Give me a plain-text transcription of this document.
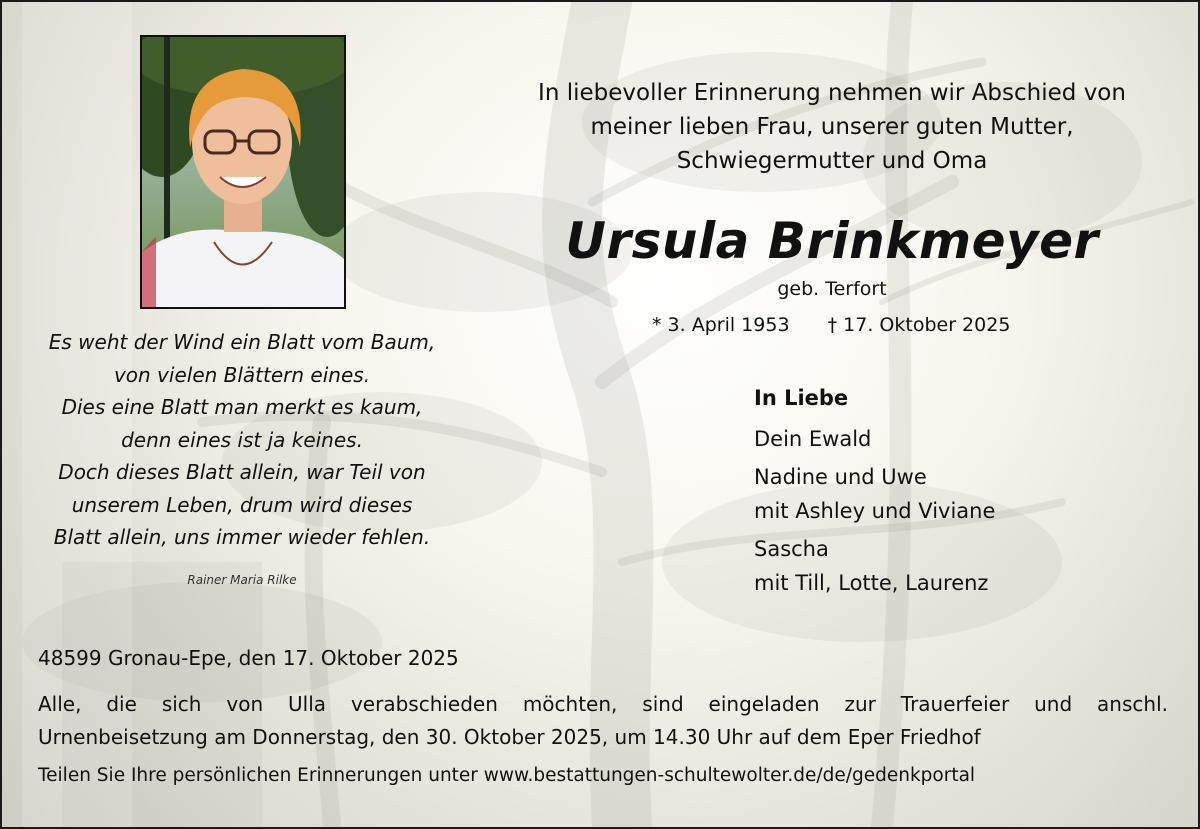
In liebevoller Erinnerung nehmen wir Abschied von
meiner lieben Frau, unserer guten Mutter,
Schwiegermutter und Oma
Ursula Brinkmeyer
geb. Terfort
* 3. April 1953 † 17. Oktober 2025
Es weht der Wind ein Blatt vom Baum,
von vielen Blättern eines.
Dies eine Blatt man merkt es kaum,
denn eines ist ja keines.
Doch dieses Blatt allein, war Teil von
unserem Leben, drum wird dieses
Blatt allein, uns immer wieder fehlen.
Rainer Maria Rilke
In Liebe
Dein Ewald
Nadine und Uwe
mit Ashley und Viviane
Sascha
mit Till, Lotte, Laurenz
48599 Gronau-Epe, den 17. Oktober 2025
Alle, die sich von Ulla verabschieden möchten, sind eingeladen zur Trauerfeier und anschl.
Urnenbeisetzung am Donnerstag, den 30. Oktober 2025, um 14.30 Uhr auf dem Eper Friedhof
Teilen Sie Ihre persönlichen Erinnerungen unter www.bestattungen-schultewolter.de/de/gedenkportal
